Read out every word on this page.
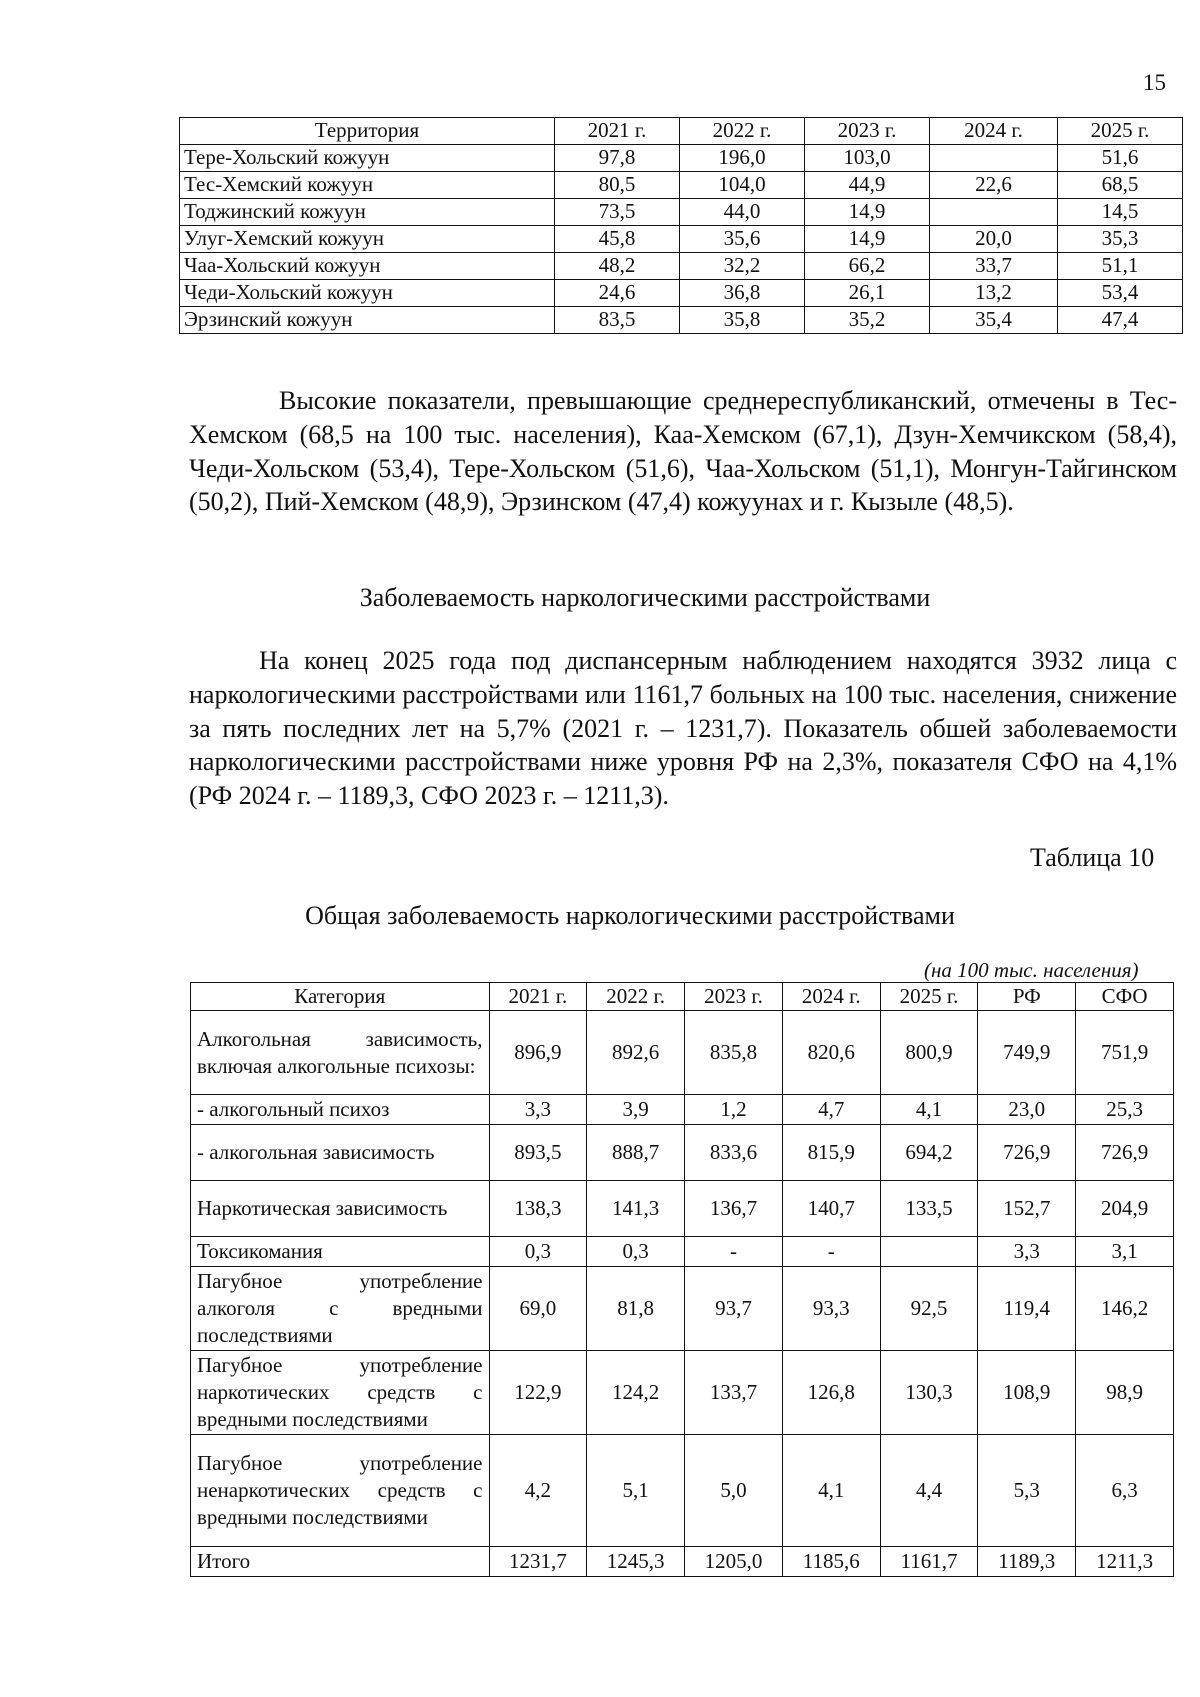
15
Территория	2021 г.	2022 г.	2023 г.	2024 г.	2025 г.
Тере-Хольский кожуун	97,8	196,0	103,0		51,6
Тес-Хемский кожуун	80,5	104,0	44,9	22,6	68,5
Тоджинский кожуун	73,5	44,0	14,9		14,5
Улуг-Хемский кожуун	45,8	35,6	14,9	20,0	35,3
Чаа-Хольский кожуун	48,2	32,2	66,2	33,7	51,1
Чеди-Хольский кожуун	24,6	36,8	26,1	13,2	53,4
Эрзинский кожуун	83,5	35,8	35,2	35,4	47,4

Высокие показатели, превышающие среднереспубликанский, отмечены в Тес-Хемском (68,5 на 100 тыс. населения), Каа-Хемском (67,1), Дзун-Хемчикском (58,4), Чеди-Хольском (53,4), Тере-Хольском (51,6), Чаа-Хольском (51,1), Монгун-Тайгинском (50,2), Пий-Хемском (48,9), Эрзинском (47,4) кожуунах и г. Кызыле (48,5).

Заболеваемость наркологическими расстройствами

На конец 2025 года под диспансерным наблюдением находятся 3932 лица с наркологическими расстройствами или 1161,7 больных на 100 тыс. населения, снижение за пять последних лет на 5,7% (2021 г. – 1231,7). Показатель обшей заболеваемости наркологическими расстройствами ниже уровня РФ на 2,3%, показателя СФО на 4,1% (РФ 2024 г. – 1189,3, СФО 2023 г. – 1211,3).

Таблица 10
Общая заболеваемость наркологическими расстройствами
(на 100 тыс. населения)
Категория	2021 г.	2022 г.	2023 г.	2024 г.	2025 г.	РФ	СФО
Алкогольная зависимость, включая алкогольные психозы:	896,9	892,6	835,8	820,6	800,9	749,9	751,9
- алкогольный психоз	3,3	3,9	1,2	4,7	4,1	23,0	25,3
- алкогольная зависимость	893,5	888,7	833,6	815,9	694,2	726,9	726,9
Наркотическая зависимость	138,3	141,3	136,7	140,7	133,5	152,7	204,9
Токсикомания	0,3	0,3	-	-		3,3	3,1
Пагубное употребление алкоголя с вредными последствиями	69,0	81,8	93,7	93,3	92,5	119,4	146,2
Пагубное употребление наркотических средств с вредными последствиями	122,9	124,2	133,7	126,8	130,3	108,9	98,9
Пагубное употребление ненаркотических средств с вредными последствиями	4,2	5,1	5,0	4,1	4,4	5,3	6,3
Итого	1231,7	1245,3	1205,0	1185,6	1161,7	1189,3	1211,3
